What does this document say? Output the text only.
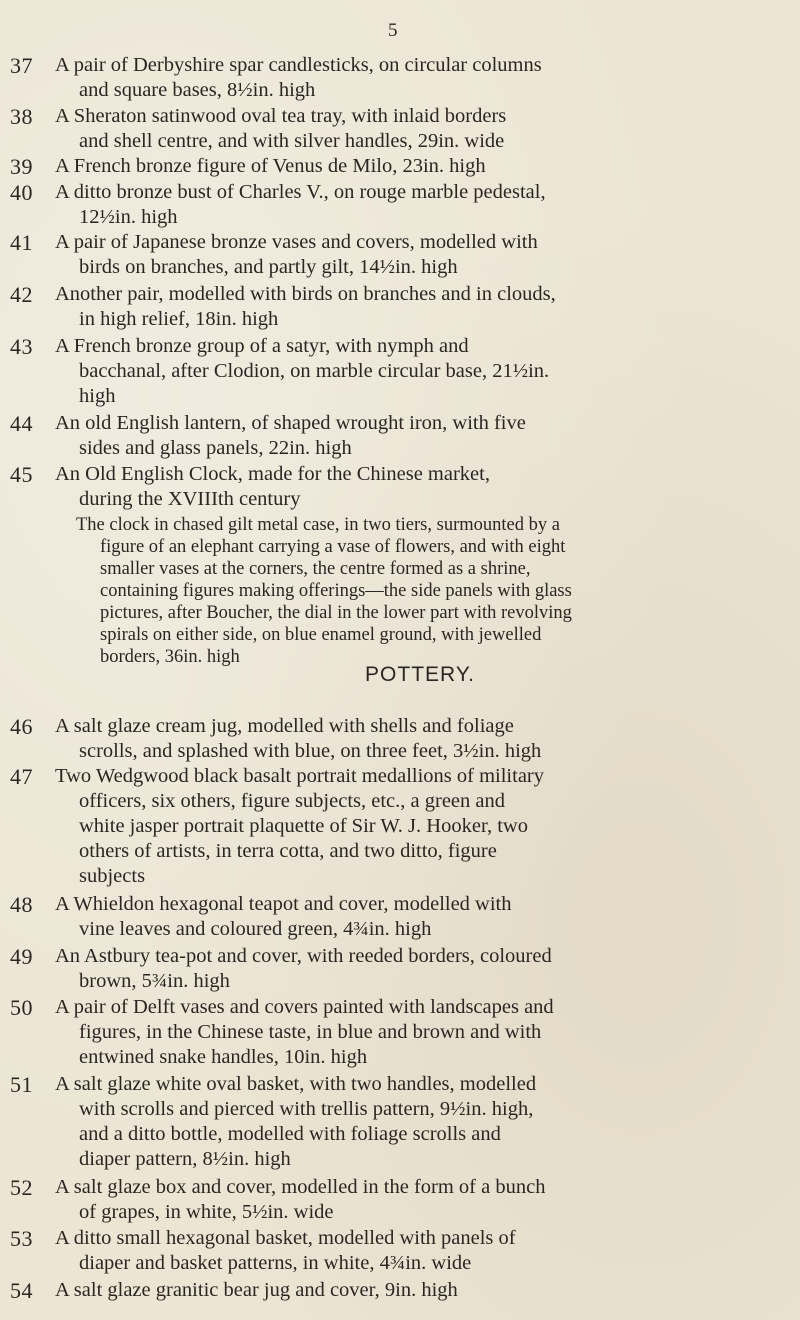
5
37	A pair of Derbyshire spar candlesticks, on circular columns
and square bases, 8½in. high
38	A Sheraton satinwood oval tea tray, with inlaid borders
and shell centre, and with silver handles, 29in. wide
39	A French bronze figure of Venus de Milo, 23in. high
40	A ditto bronze bust of Charles V., on rouge marble pedestal,
12½in. high
41	A pair of Japanese bronze vases and covers, modelled with
birds on branches, and partly gilt, 14½in. high
42	Another pair, modelled with birds on branches and in clouds,
in high relief, 18in. high
43	A French bronze group of a satyr, with nymph and
bacchanal, after Clodion, on marble circular base, 21½in.
high
44	An old English lantern, of shaped wrought iron, with five
sides and glass panels, 22in. high
45	An Old English Clock, made for the Chinese market,
during the XVIIIth century
The clock in chased gilt metal case, in two tiers, surmounted by a
figure of an elephant carrying a vase of flowers, and with eight
smaller vases at the corners, the centre formed as a shrine,
containing figures making offerings—the side panels with glass
pictures, after Boucher, the dial in the lower part with revolving
spirals on either side, on blue enamel ground, with jewelled
borders, 36in. high
POTTERY.
46	A salt glaze cream jug, modelled with shells and foliage
scrolls, and splashed with blue, on three feet, 3½in. high
47	Two Wedgwood black basalt portrait medallions of military
officers, six others, figure subjects, etc., a green and
white jasper portrait plaquette of Sir W. J. Hooker, two
others of artists, in terra cotta, and two ditto, figure
subjects
48	A Whieldon hexagonal teapot and cover, modelled with
vine leaves and coloured green, 4¾in. high
49	An Astbury tea-pot and cover, with reeded borders, coloured
brown, 5¾in. high
50	A pair of Delft vases and covers painted with landscapes and
figures, in the Chinese taste, in blue and brown and with
entwined snake handles, 10in. high
51	A salt glaze white oval basket, with two handles, modelled
with scrolls and pierced with trellis pattern, 9½in. high,
and a ditto bottle, modelled with foliage scrolls and
diaper pattern, 8½in. high
52	A salt glaze box and cover, modelled in the form of a bunch
of grapes, in white, 5½in. wide
53	A ditto small hexagonal basket, modelled with panels of
diaper and basket patterns, in white, 4¾in. wide
54	A salt glaze granitic bear jug and cover, 9in. high
